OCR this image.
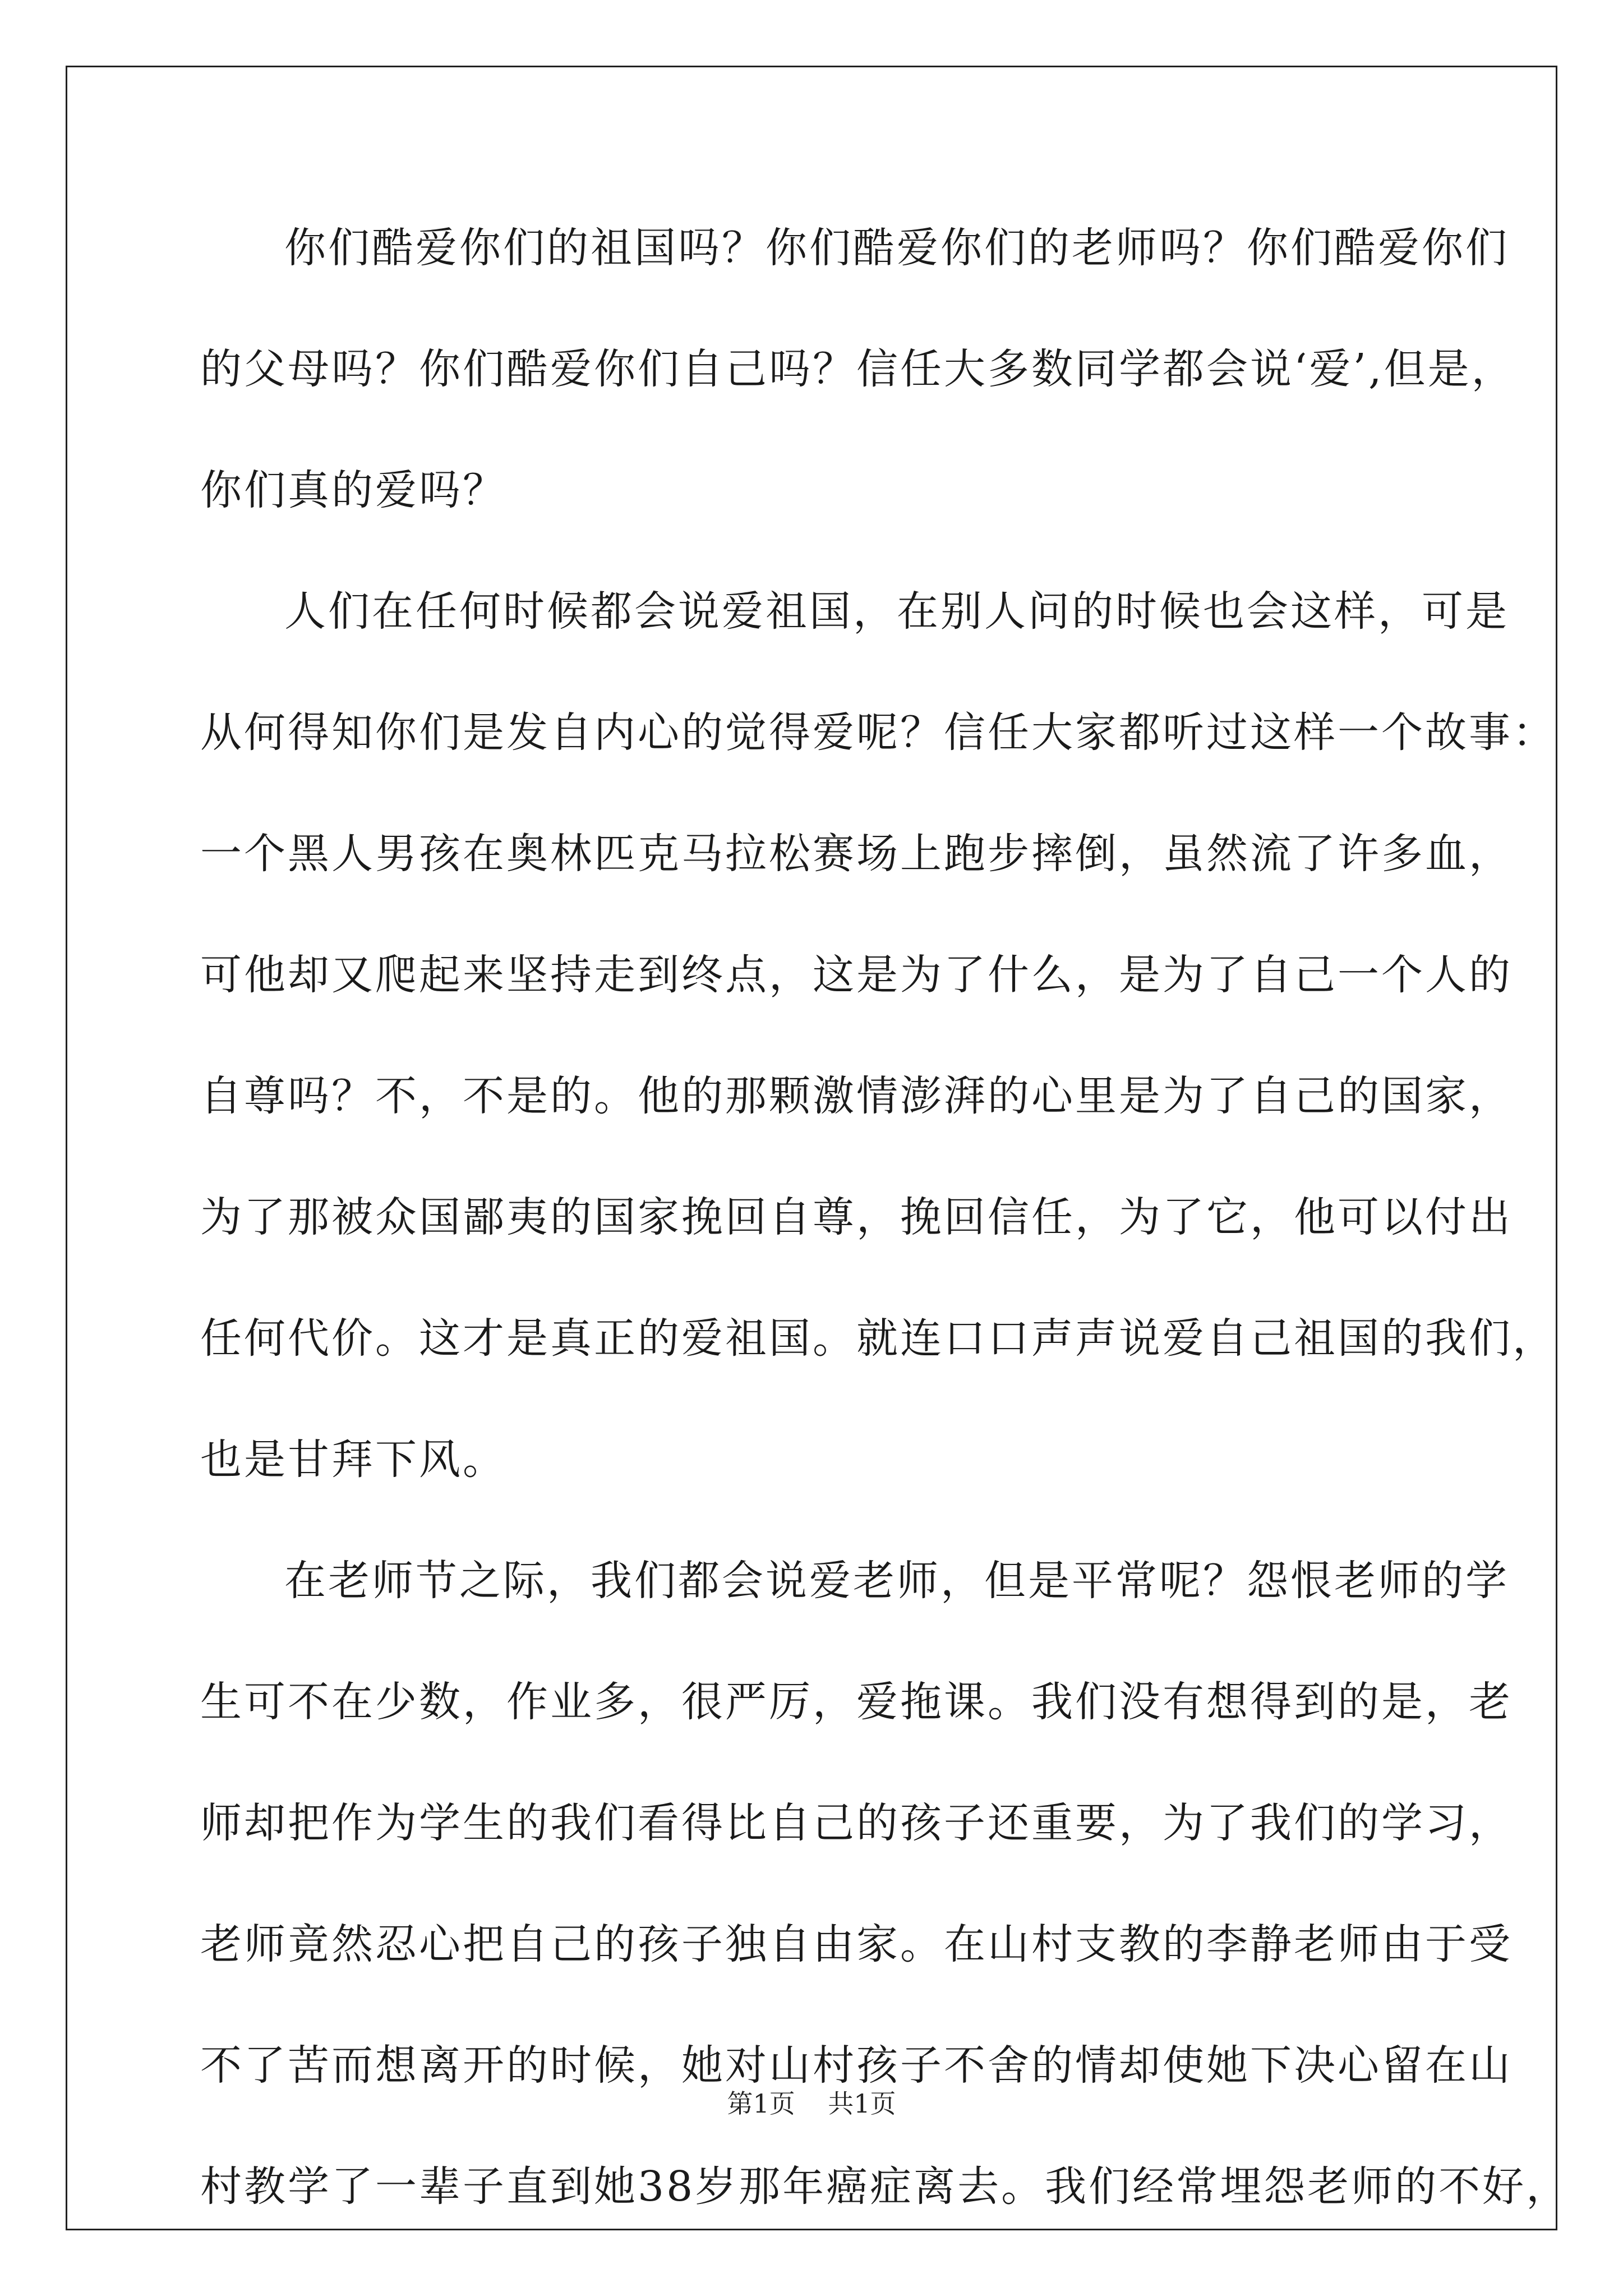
你们酷爱你们的祖国吗？你们酷爱你们的老师吗？你们酷爱你们
的父母吗？你们酷爱你们自己吗？信任大多数同学都会说‘爱’,但是，
你们真的爱吗？
人们在任何时候都会说爱祖国，在别人问的时候也会这样，可是
从何得知你们是发自内心的觉得爱呢？信任大家都听过这样一个故事：
一个黑人男孩在奥林匹克马拉松赛场上跑步摔倒，虽然流了许多血，
可他却又爬起来坚持走到终点，这是为了什么，是为了自己一个人的
自尊吗？不，不是的。他的那颗激情澎湃的心里是为了自己的国家，
为了那被众国鄙夷的国家挽回自尊，挽回信任，为了它，他可以付出
任何代价。这才是真正的爱祖国。就连口口声声说爱自己祖国的我们，
也是甘拜下风。
在老师节之际，我们都会说爱老师，但是平常呢？怨恨老师的学
生可不在少数，作业多，很严厉，爱拖课。我们没有想得到的是，老
师却把作为学生的我们看得比自己的孩子还重要，为了我们的学习，
老师竟然忍心把自己的孩子独自由家。在山村支教的李静老师由于受
不了苦而想离开的时候，她对山村孩子不舍的情却使她下决心留在山
村教学了一辈子直到她38岁那年癌症离去。我们经常埋怨老师的不好，
第1页    共1页
